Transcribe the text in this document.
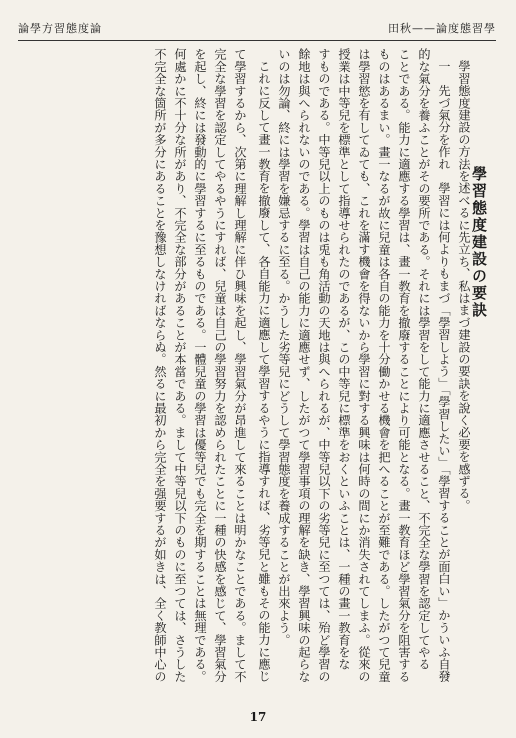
論學方習態度論	田秋——論度態習學
學習態度建設の要訣
學習態度建設の方法を述べるに先立ち、私はまづ建設の要訣を說く必要を感ずる。
一　先づ氣分を作れ　學習には何よりもまづ「學習しよう」「學習したい」「學習することが面白い」かういふ自發
的な氣分を養ふことがその要所である。それには學習をして能力に適應させること、不完全な學習を認定してやる
ことである。能力に適應する學習は、畫一教育を撤廢することにより可能となる。畫一教育ほど學習氣分を阻害する
ものはあるまい。畫一なるが故に兒童は各自の能力を十分働かせる機會を把へることが至難である。したがつて兒童
は學習慾を有してゐても、これを滿す機會を得ないから學習に對する興味は何時の間にか消失されてしまふ。從來の
授業は中等兒を標準として指導せられたのであるが、この中等兒に標準をおくといふことは、一種の畫一教育をな
すものである。中等兒以上のものは兎も角活動の天地は與へられるが、中等兒以下の劣等兒に至つては、殆ど學習の
餘地は與へられないのである。學習は自己の能力に適應せず、したがつて學習事項の理解を缺き、學習興味の起らな
いのは勿論、終には學習を嫌忌するに至る。かうした劣等兒にどうして學習態度を養成することが出來よう。
これに反して畫一教育を撤廢して、各自能力に適應して學習するやうに指導すれば、劣等兒と雖もその能力に應じ
て學習するから、次第に理解し理解に伴ひ興味を起し、學習氣分が昂進して來ることは明かなことである。まして不
完全な學習を認定してやるやうにすれば、兒童は自己の學習努力を認められたことに一種の快感を感じて、學習氣分
を起し、終には發動的に學習するに至るものである。一體兒童の學習は優等兒でも完全を期することは無理である。
何處かに不十分な所があり、不完全な部分があることが本當である。まして中等兒以下のものに至つては、さうした
不完全な箇所が多分にあることを豫想しなければならぬ。然るに最初から完全を强要するが如きは、全く教師中心の
17
